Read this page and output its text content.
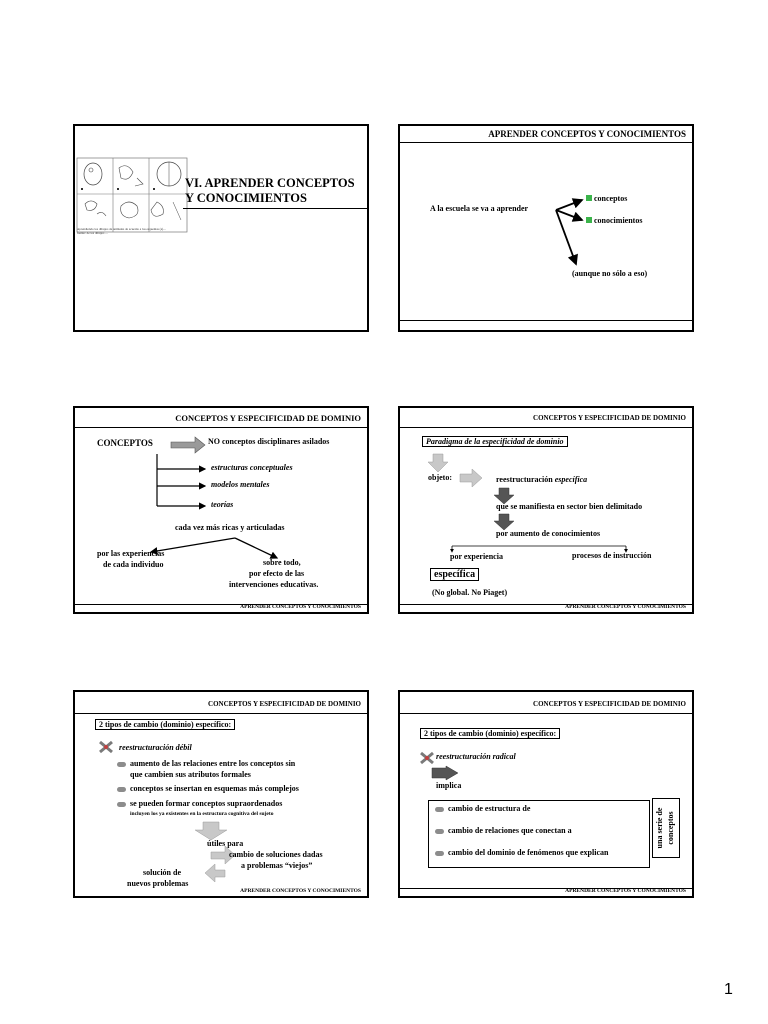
Aprendiendo los dibujos de animales de acuerdo a los esquemas (a)...
fuente: de los dibujos ...
VI. APRENDER CONCEPTOS
Y CONOCIMIENTOS
APRENDER CONCEPTOS Y CONOCIMIENTOS
A la escuela se va a aprender
conceptos
conocimientos
(aunque no sólo a eso)
CONCEPTOS Y ESPECIFICIDAD DE DOMINIO
CONCEPTOS	NO conceptos disciplinares asilados
estructuras conceptuales
modelos mentales
teorías
cada vez más ricas y articuladas
por las experiencias
de cada individuo	sobre todo,
por efecto de las
intervenciones educativas.
APRENDER CONCEPTOS Y CONOCIMIENTOS
CONCEPTOS Y ESPECIFICIDAD DE DOMINIO
Paradigma de la especificidad de dominio
objeto:	reestructuración específica
que se manifiesta en sector bien delimitado
por aumento de conocimientos
por experiencia	procesos de instrucción
específica
(No global. No Piaget)
APRENDER CONCEPTOS Y CONOCIMIENTOS
CONCEPTOS Y ESPECIFICIDAD DE DOMINIO
2 tipos de cambio (dominio) específico:
reestructuración débil
aumento de las relaciones entre los conceptos sin
que cambien sus atributos formales
conceptos se insertan en esquemas más complejos
se pueden formar conceptos supraordenados
incluyen los ya existentes en la estructura cognitiva del sujeto
útiles para
cambio de soluciones dadas
a problemas “viejos”
solución de
nuevos problemas
APRENDER CONCEPTOS Y CONOCIMIENTOS
CONCEPTOS Y ESPECIFICIDAD DE DOMINIO
2 tipos de cambio (dominio) específico:
reestructuración radical
implica
cambio de estructura de
cambio de relaciones que conectan a
cambio del dominio de fenómenos que explican
una serie de conceptos
APRENDER CONCEPTOS Y CONOCIMIENTOS
1
